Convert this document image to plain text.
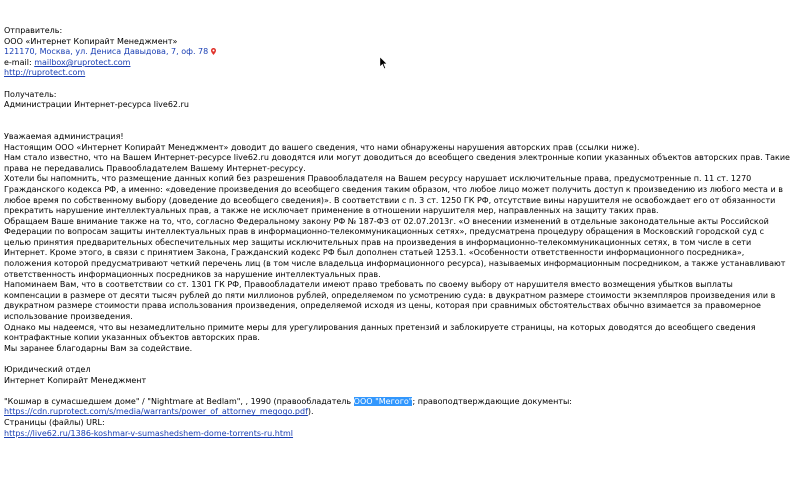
Отправитель:
ООО «Интернет Копирайт Менеджмент»
121170, Москва, ул. Дениса Давыдова, 7, оф. 78
e-mail: mailbox@ruprotect.com
http://ruprotect.com
Получатель:
Администрации Интернет-ресурса live62.ru
Уважаемая администрация!
Настоящим ООО «Интернет Копирайт Менеджмент» доводит до вашего сведения, что нами обнаружены нарушения авторских прав (ссылки ниже).
Нам стало известно, что на Вашем Интернет-ресурсе live62.ru доводятся или могут доводиться до всеобщего сведения электронные копии указанных объектов авторских прав. Такие права не передавались Правообладателем Вашему Интернет-ресурсу.
Хотели бы напомнить, что размещение данных копий без разрешения Правообладателя на Вашем ресурсу нарушает исключительные права, предусмотренные п. 11 ст. 1270 Гражданского кодекса РФ, а именно: «доведение произведения до всеобщего сведения таким образом, что любое лицо может получить доступ к произведению из любого места и в любое время по собственному выбору (доведение до всеобщего сведения)». В соответствии с п. 3 ст. 1250 ГК РФ, отсутствие вины нарушителя не освобождает его от обязанности прекратить нарушение интеллектуальных прав, а также не исключает применение в отношении нарушителя мер, направленных на защиту таких прав.
Обращаем Ваше внимание также на то, что, согласно Федеральному закону РФ № 187-ФЗ от 02.07.2013г. «О внесении изменений в отдельные законодательные акты Российской Федерации по вопросам защиты интеллектуальных прав в информационно-телекоммуникационных сетях», предусматрена процедуру обращения в Московский городской суд с целью принятия предварительных обеспечительных мер защиты исключительных прав на произведения в информационно-телекоммуникационных сетях, в том числе в сети Интернет. Кроме этого, в связи с принятием Закона, Гражданский кодекс РФ был дополнен статьей 1253.1. «Особенности ответственности информационного посредника», положения которой предусматривают четкий перечень лиц (в том числе владельца информационного ресурса), называемых информационным посредником, а также устанавливают ответственность информационных посредников за нарушение интеллектуальных прав.
Напоминаем Вам, что в соответствии со ст. 1301 ГК РФ, Правообладатели имеют право требовать по своему выбору от нарушителя вместо возмещения убытков выплаты компенсации в размере от десяти тысяч рублей до пяти миллионов рублей, определяемом по усмотрению суда: в двукратном размере стоимости экземпляров произведения или в двукратном размере стоимости права использования произведения, определяемой исходя из цены, которая при сравнимых обстоятельствах обычно взимается за правомерное использование произведения.
Однако мы надеемся, что вы незамедлительно примите меры для урегулирования данных претензий и заблокируете страницы, на которых доводятся до всеобщего сведения контрафактные копии указанных объектов авторских прав.
Мы заранее благодарны Вам за содействие.
Юридический отдел
Интернет Копирайт Менеджмент
"Кошмар в сумасшедшем доме" / "Nightmare at Bedlam", , 1990 (правообладатель ООО "Мегого"; правоподтверждающие документы:
https://cdn.ruprotect.com/s/media/warrants/power_of_attorney_megogo.pdf).
Страницы (файлы) URL:
https://live62.ru/1386-koshmar-v-sumashedshem-dome-torrents-ru.html
